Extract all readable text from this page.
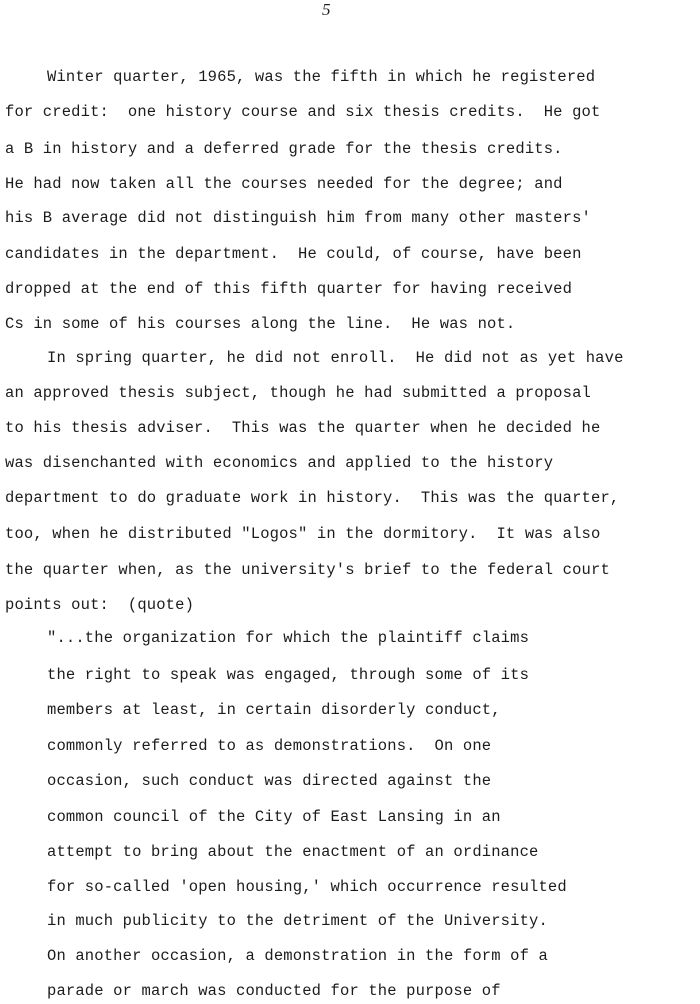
5
Winter quarter, 1965, was the fifth in which he registered
for credit:  one history course and six thesis credits.  He got
a B in history and a deferred grade for the thesis credits.
He had now taken all the courses needed for the degree; and
his B average did not distinguish him from many other masters'
candidates in the department.  He could, of course, have been
dropped at the end of this fifth quarter for having received
Cs in some of his courses along the line.  He was not.
In spring quarter, he did not enroll.  He did not as yet have
an approved thesis subject, though he had submitted a proposal
to his thesis adviser.  This was the quarter when he decided he
was disenchanted with economics and applied to the history
department to do graduate work in history.  This was the quarter,
too, when he distributed "Logos" in the dormitory.  It was also
the quarter when, as the university's brief to the federal court
points out:  (quote)
"...the organization for which the plaintiff claims
the right to speak was engaged, through some of its
members at least, in certain disorderly conduct,
commonly referred to as demonstrations.  On one
occasion, such conduct was directed against the
common council of the City of East Lansing in an
attempt to bring about the enactment of an ordinance
for so-called 'open housing,' which occurrence resulted
in much publicity to the detriment of the University.
On another occasion, a demonstration in the form of a
parade or march was conducted for the purpose of
